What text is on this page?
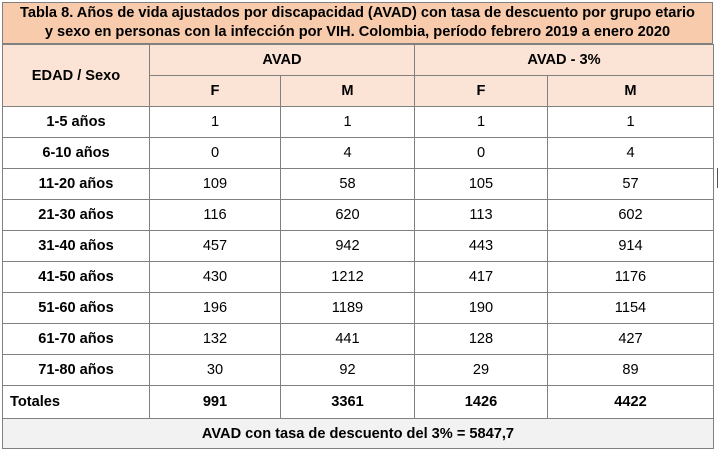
Tabla 8. Años de vida ajustados por discapacidad (AVAD) con tasa de descuento por grupo etario
y sexo en personas con la infección por VIH. Colombia, período febrero 2019 a enero 2020
EDAD / Sexo	AVAD		AVAD - 3%	
	F	M	F	M
1-5 años	1	1	1	1
6-10 años	0	4	0	4
11-20 años	109	58	105	57
21-30 años	116	620	113	602
31-40 años	457	942	443	914
41-50 años	430	1212	417	1176
51-60 años	196	1189	190	1154
61-70 años	132	441	128	427
71-80 años	30	92	29	89
Totales	991	3361	1426	4422
AVAD con tasa de descuento del 3% = 5847,7				
